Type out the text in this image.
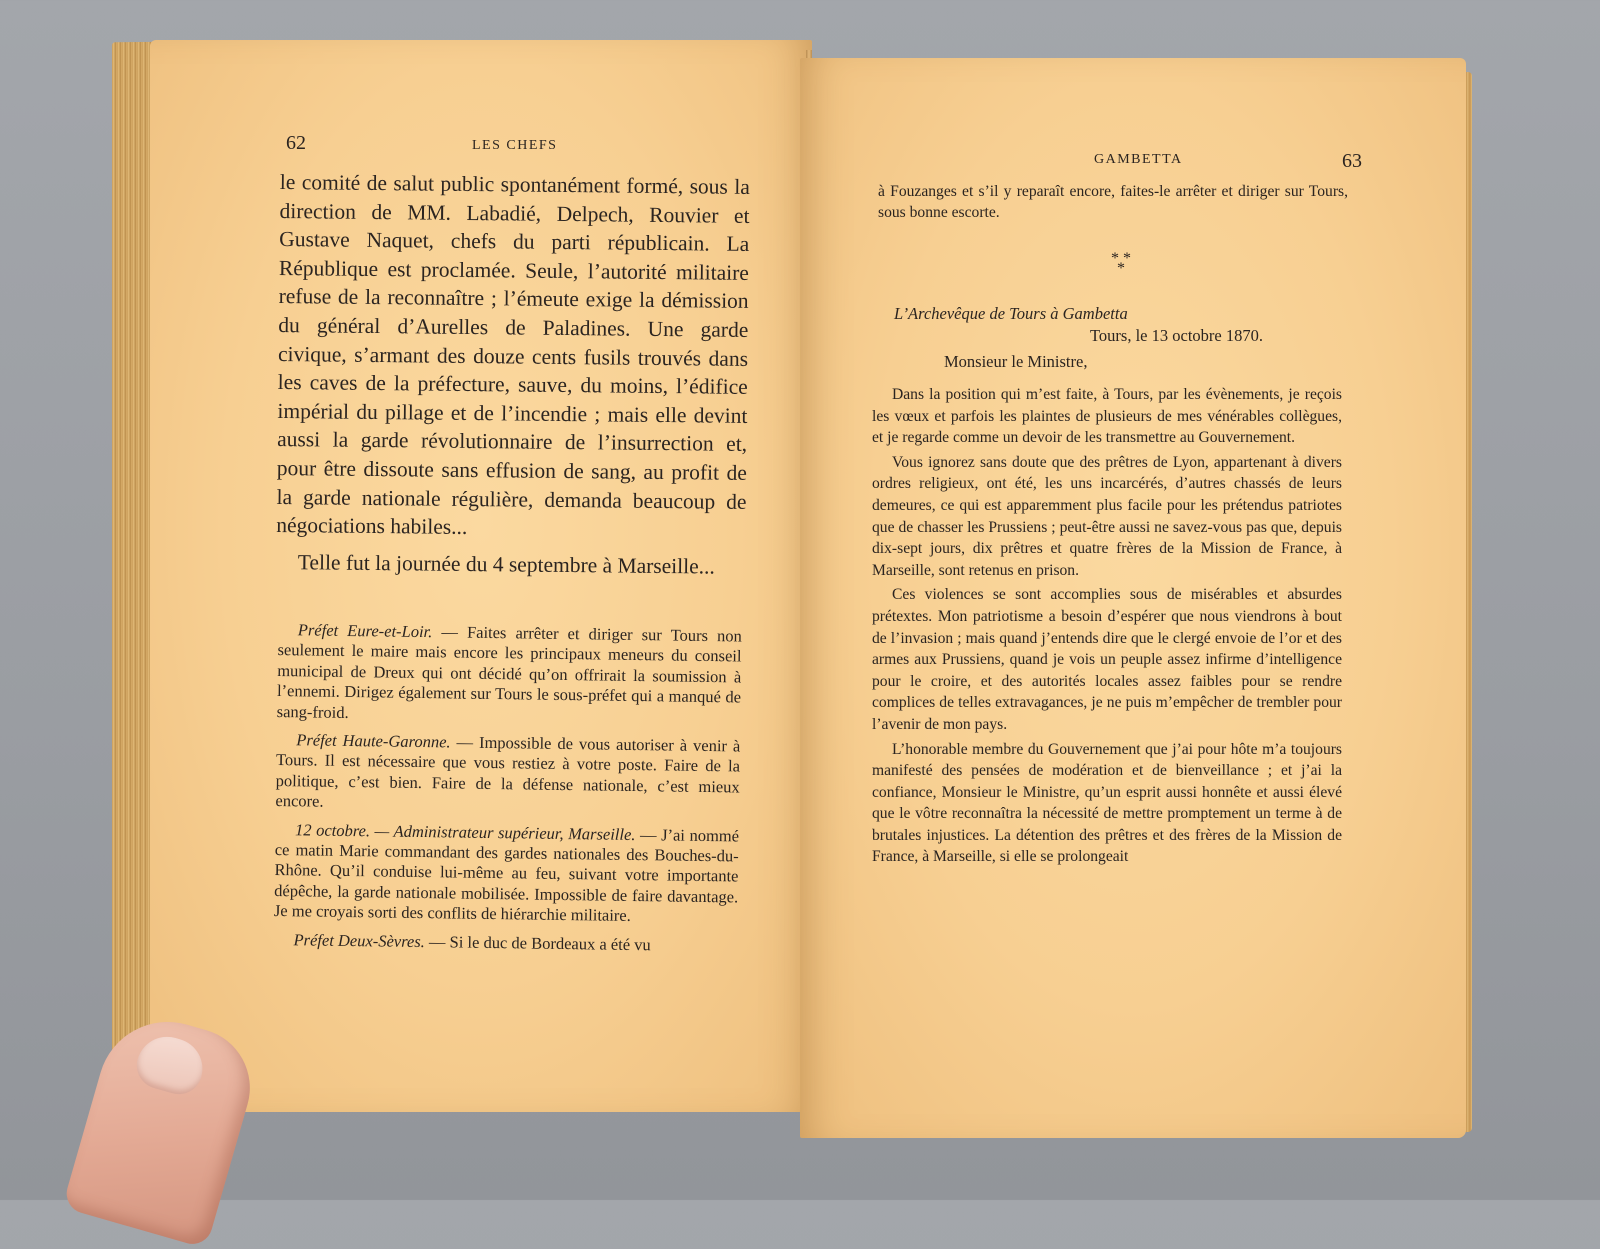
62	LES CHEFS

le comité de salut public spontanément formé, sous la direction de MM. Labadié, Delpech, Rouvier et Gustave Naquet, chefs du parti républicain. La République est proclamée. Seule, l’autorité militaire refuse de la reconnaître ; l’émeute exige la démission du général d’Aurelles de Paladines. Une garde civique, s’armant des douze cents fusils trouvés dans les caves de la préfecture, sauve, du moins, l’édifice impérial du pillage et de l’incendie ; mais elle devint aussi la garde révolutionnaire de l’insurrection et, pour être dissoute sans effusion de sang, au profit de la garde nationale régulière, demanda beaucoup de négociations habiles...

Telle fut la journée du 4 septembre à Marseille...

Préfet Eure-et-Loir. — Faites arrêter et diriger sur Tours non seulement le maire mais encore les principaux meneurs du conseil municipal de Dreux qui ont décidé qu’on offrirait la soumission à l’ennemi. Dirigez également sur Tours le sous-préfet qui a manqué de sang-froid.

Préfet Haute-Garonne. — Impossible de vous autoriser à venir à Tours. Il est nécessaire que vous restiez à votre poste. Faire de la politique, c’est bien. Faire de la défense nationale, c’est mieux encore.

12 octobre. — Administrateur supérieur, Marseille. — J’ai nommé ce matin Marie commandant des gardes nationales des Bouches-du-Rhône. Qu’il conduise lui-même au feu, suivant votre importante dépêche, la garde nationale mobilisée. Impossible de faire davantage. Je me croyais sorti des conflits de hiérarchie militaire.

Préfet Deux-Sèvres. — Si le duc de Bordeaux a été vu

GAMBETTA	63
à Fouzanges et s’il y reparaît encore, faites-le arrêter et diriger sur Tours, sous bonne escorte.
* * *
L’Archevêque de Tours à Gambetta
Tours, le 13 octobre 1870.
Monsieur le Ministre,

Dans la position qui m’est faite, à Tours, par les évènements, je reçois les vœux et parfois les plaintes de plusieurs de mes vénérables collègues, et je regarde comme un devoir de les transmettre au Gouvernement.

Vous ignorez sans doute que des prêtres de Lyon, appartenant à divers ordres religieux, ont été, les uns incarcérés, d’autres chassés de leurs demeures, ce qui est apparemment plus facile pour les prétendus patriotes que de chasser les Prussiens ; peut-être aussi ne savez-vous pas que, depuis dix-sept jours, dix prêtres et quatre frères de la Mission de France, à Marseille, sont retenus en prison.

Ces violences se sont accomplies sous de misérables et absurdes prétextes. Mon patriotisme a besoin d’espérer que nous viendrons à bout de l’invasion ; mais quand j’entends dire que le clergé envoie de l’or et des armes aux Prussiens, quand je vois un peuple assez infirme d’intelligence pour le croire, et des autorités locales assez faibles pour se rendre complices de telles extravagances, je ne puis m’empêcher de trembler pour l’avenir de mon pays.

L’honorable membre du Gouvernement que j’ai pour hôte m’a toujours manifesté des pensées de modération et de bienveillance ; et j’ai la confiance, Monsieur le Ministre, qu’un esprit aussi honnête et aussi élevé que le vôtre reconnaîtra la nécessité de mettre promptement un terme à de brutales injustices. La détention des prêtres et des frères de la Mission de France, à Marseille, si elle se prolongeait
